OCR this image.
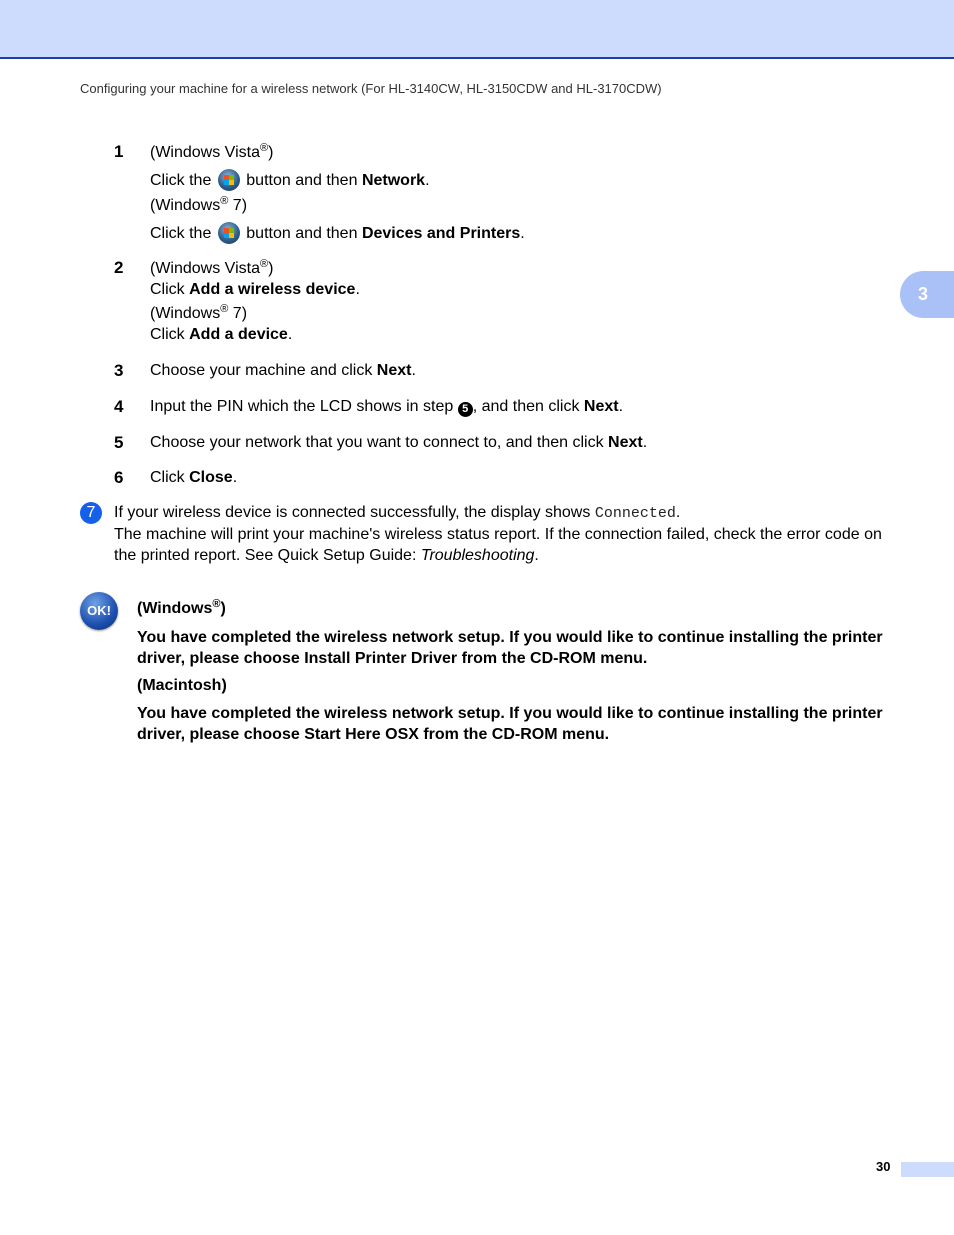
Configuring your machine for a wireless network (For HL-3140CW, HL-3150CDW and HL-3170CDW)
3
1 (Windows Vista®)
Click the button and then Network.
(Windows® 7)
Click the button and then Devices and Printers.
2 (Windows Vista®)
Click Add a wireless device.
(Windows® 7)
Click Add a device.
3 Choose your machine and click Next.
4 Input the PIN which the LCD shows in step 5 , and then click Next.
5 Choose your network that you want to connect to, and then click Next.
6 Click Close.
7	If your wireless device is connected successfully, the display shows Connected.
The machine will print your machine's wireless status report. If the connection failed, check the error code on the printed report. See Quick Setup Guide: Troubleshooting.
OK!	(Windows®)
You have completed the wireless network setup. If you would like to continue installing the printer driver, please choose Install Printer Driver from the CD-ROM menu.
(Macintosh)
You have completed the wireless network setup. If you would like to continue installing the printer driver, please choose Start Here OSX from the CD-ROM menu.
30
